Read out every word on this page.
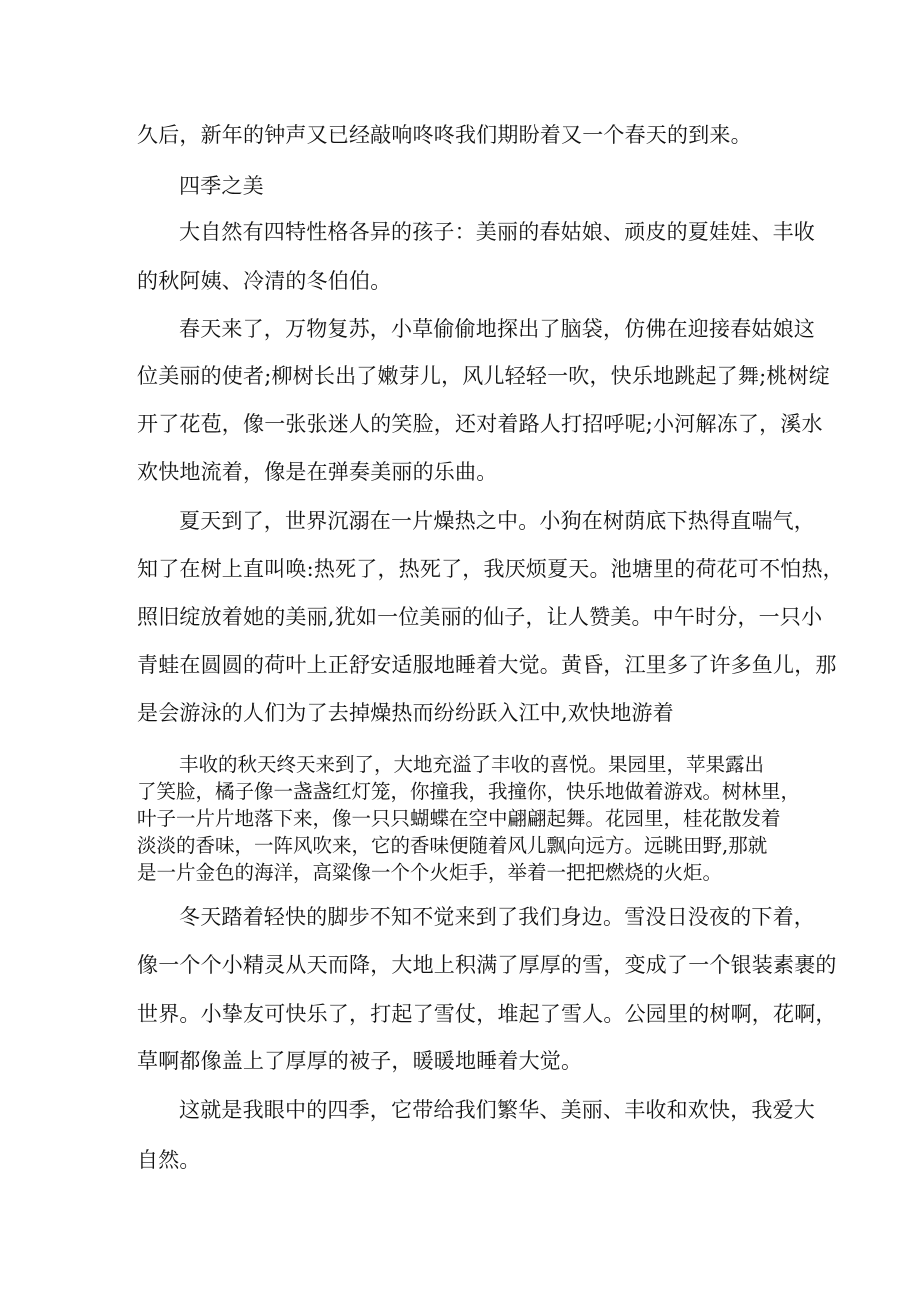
久后，新年的钟声又已经敲响咚咚我们期盼着又一个春天的到来。
四季之美
大自然有四特性格各异的孩子：美丽的春姑娘、顽皮的夏娃娃、丰收
的秋阿姨、冷清的冬伯伯。
春天来了，万物复苏，小草偷偷地探出了脑袋，仿佛在迎接春姑娘这
位美丽的使者;柳树长出了嫩芽儿，风儿轻轻一吹，快乐地跳起了舞;桃树绽
开了花苞，像一张张迷人的笑脸，还对着路人打招呼呢;小河解冻了，溪水
欢快地流着，像是在弹奏美丽的乐曲。
夏天到了，世界沉溺在一片燥热之中。小狗在树荫底下热得直喘气，
知了在树上直叫唤:热死了，热死了，我厌烦夏天。池塘里的荷花可不怕热，
照旧绽放着她的美丽,犹如一位美丽的仙子，让人赞美。中午时分，一只小
青蛙在圆圆的荷叶上正舒安适服地睡着大觉。黄昏，江里多了许多鱼儿，那
是会游泳的人们为了去掉燥热而纷纷跃入江中,欢快地游着
丰收的秋天终天来到了，大地充溢了丰收的喜悦。果园里，苹果露出
了笑脸，橘子像一盏盏红灯笼，你撞我，我撞你，快乐地做着游戏。树林里，
叶子一片片地落下来，像一只只蝴蝶在空中翩翩起舞。花园里，桂花散发着
淡淡的香味，一阵风吹来，它的香味便随着风儿飘向远方。远眺田野,那就
是一片金色的海洋，高粱像一个个火炬手，举着一把把燃烧的火炬。
冬天踏着轻快的脚步不知不觉来到了我们身边。雪没日没夜的下着，
像一个个小精灵从天而降，大地上积满了厚厚的雪，变成了一个银装素裹的
世界。小挚友可快乐了，打起了雪仗，堆起了雪人。公园里的树啊，花啊，
草啊都像盖上了厚厚的被子，暖暖地睡着大觉。
这就是我眼中的四季，它带给我们繁华、美丽、丰收和欢快，我爱大
自然。
